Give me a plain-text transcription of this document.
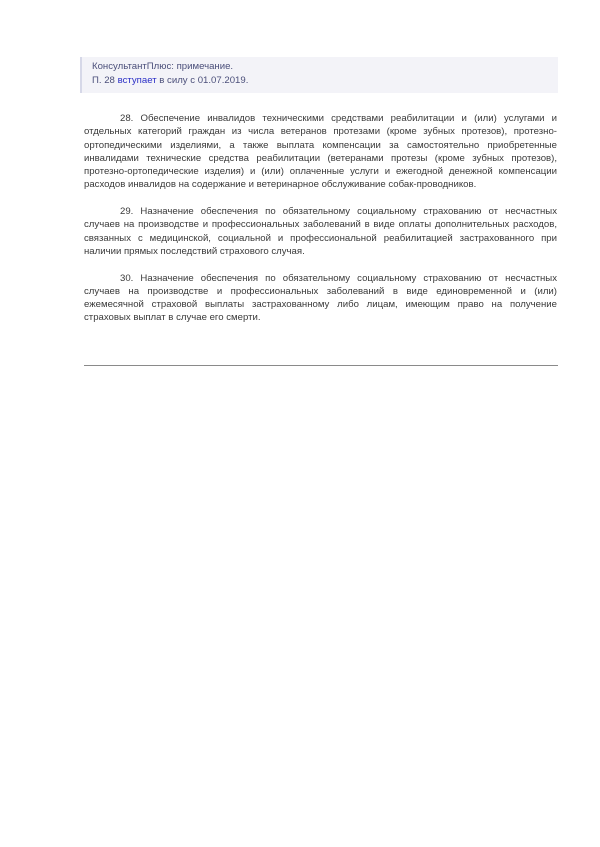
КонсультантПлюс: примечание.
П. 28 вступает в силу с 01.07.2019.

28. Обеспечение инвалидов техническими средствами реабилитации и (или) услугами и отдельных категорий граждан из числа ветеранов протезами (кроме зубных протезов), протезно-ортопедическими изделиями, а также выплата компенсации за самостоятельно приобретенные инвалидами технические средства реабилитации (ветеранами протезы (кроме зубных протезов), протезно-ортопедические изделия) и (или) оплаченные услуги и ежегодной денежной компенсации расходов инвалидов на содержание и ветеринарное обслуживание собак-проводников.

29. Назначение обеспечения по обязательному социальному страхованию от несчастных случаев на производстве и профессиональных заболеваний в виде оплаты дополнительных расходов, связанных с медицинской, социальной и профессиональной реабилитацией застрахованного при наличии прямых последствий страхового случая.

30. Назначение обеспечения по обязательному социальному страхованию от несчастных случаев на производстве и профессиональных заболеваний в виде единовременной и (или) ежемесячной страховой выплаты застрахованному либо лицам, имеющим право на получение страховых выплат в случае его смерти.
